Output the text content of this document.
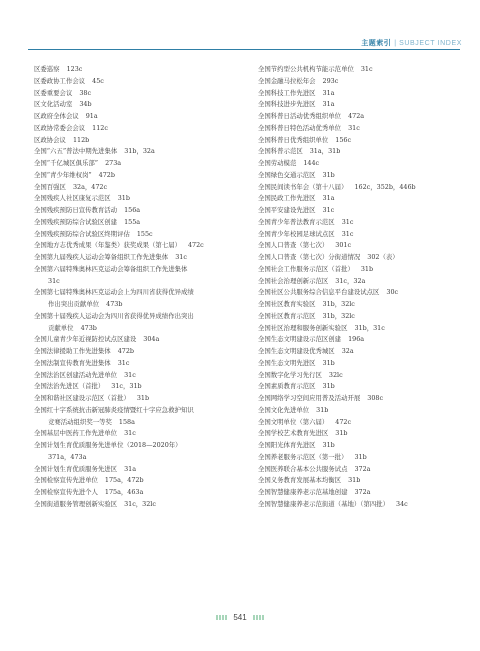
主题索引 | SUBJECT INDEX
区委巡察 123c
区委政协工作会议 45c
区委重要会议 38c
区文化活动室 34b
区政府全体会议 91a
区政协常委会会议 112c
区政协会议 112b
全国“六五”普法中期先进集体 31b，32a
全国“千亿城区俱乐部” 273a
全国“青少年维权岗” 472b
全国百强区 32a，472c
全国残疾人社区康复示范区 31b
全国残疾预防日宣传教育活动 156a
全国残疾预防综合试验区创建 155a
全国残疾预防综合试验区终期评估 155c
全国地方志优秀成果（年鉴类）获奖成果（第七届） 472c
全国第九届残疾人运动会筹备组织工作先进集体 31c
全国第六届特殊奥林匹克运动会筹备组织工作先进集体
31c
全国第七届特殊奥林匹克运动会上为四川省获得优异成绩
作出突出贡献单位 473b
全国第十届残疾人运动会为四川省获得优异成绩作出突出
贡献单位 473b
全国儿童青少年近视防控试点区建设 304a
全国法律援助工作先进集体 472b
全国法制宣传教育先进集体 31c
全国法治区创建活动先进单位 31c
全国法治先进区（首批） 31c，31b
全国和谐社区建设示范区（首批） 31b
全国红十字系统抗击新冠肺炎疫情暨红十字应急救护知识
竞赛活动组织奖一等奖 158a
全国基层中医药工作先进单位 31c
全国计划生育优质服务先进单位（2018—2020年）
371a，473a
全国计划生育优质服务先进区 31a
全国检察宣传先进单位 175a，472b
全国检察宣传先进个人 175a，463a
全国街道服务管理创新实验区 31c，32lc
全国节约型公共机构节能示范单位 31c
全国金融马拉松年会 293c
全国科技工作先进区 31a
全国科技进步先进区 31a
全国科普日活动优秀组织单位 472a
全国科普日特色活动优秀单位 31c
全国科普日优秀组织单位 156c
全国科普示范区 31a，31b
全国劳动模范 144c
全国绿色交通示范区 31b
全国民间读书年会（第十八届） 162c，352b，446b
全国民政工作先进区 31a
全国平安建设先进区 31c
全国青少年普法教育示范区 31c
全国青少年校园足球试点区 31c
全国人口普查（第七次） 301c
全国人口普查（第七次）分街道情况 302（表）
全国社会工作服务示范区（首批） 31b
全国社会治理创新示范区 31c，32a
全国社区公共服务综合信息平台建设试点区 30c
全国社区教育实验区 31b，32lc
全国社区教育示范区 31b，32lc
全国社区治理和服务创新实验区 31b，31c
全国生态文明建设示范区创建 196a
全国生态文明建设优秀城区 32a
全国生态文明先进区 31b
全国数字化学习先行区 32lc
全国素质教育示范区 31b
全国网络学习空间应用普及活动开展 308c
全国文化先进单位 31b
全国文明单位（第六届） 472c
全国学校艺术教育先进区 31b
全国阳光体育先进区 31b
全国养老服务示范区（第一批） 31b
全国医养联合基本公共服务试点 372a
全国义务教育发展基本均衡区 31b
全国智慧健康养老示范基地创建 372a
全国智慧健康养老示范街道（基地）（第四批） 34c
541
